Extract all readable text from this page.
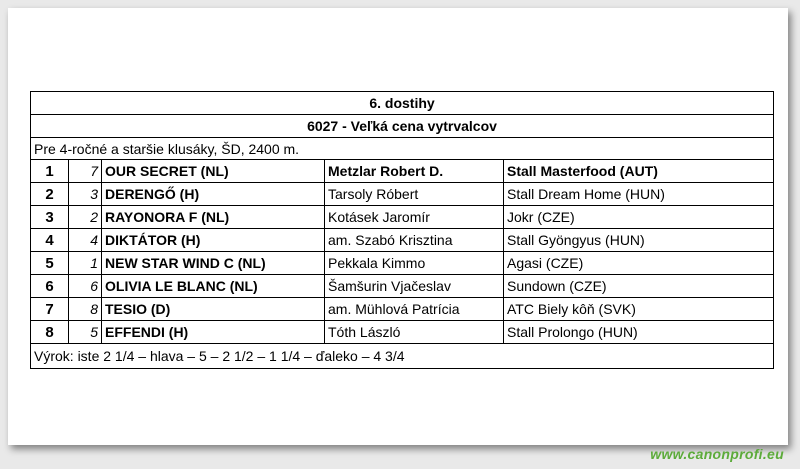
6. dostihy				
6027 - Veľká cena vytrvalcov				
Pre 4-ročné a staršie klusáky, ŠD, 2400 m.				
1	7	OUR SECRET (NL)	Metzlar Robert D.	Stall Masterfood (AUT)
2	3	DERENGŐ (H)	Tarsoly Róbert	Stall Dream Home (HUN)
3	2	RAYONORA F (NL)	Kotásek Jaromír	Jokr (CZE)
4	4	DIKTÁTOR (H)	am. Szabó Krisztina	Stall Gyöngyus (HUN)
5	1	NEW STAR WIND C (NL)	Pekkala Kimmo	Agasi (CZE)
6	6	OLIVIA LE BLANC (NL)	Šamšurin Vjačeslav	Sundown (CZE)
7	8	TESIO (D)	am. Mühlová Patrícia	ATC Biely kôň (SVK)
8	5	EFFENDI (H)	Tóth László	Stall Prolongo (HUN)
Výrok: iste 2 1/4 – hlava – 5 – 2 1/2 – 1 1/4 – ďaleko – 4 3/4				
www.canonprofi.eu
